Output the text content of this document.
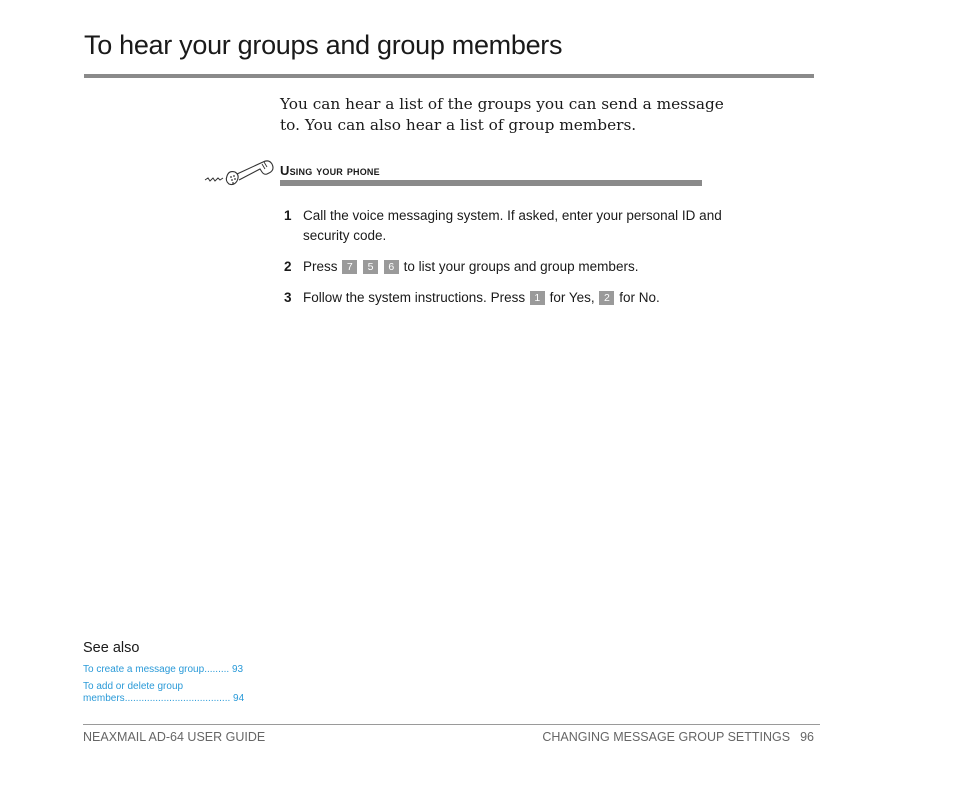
To hear your groups and group members

You can hear a list of the groups you can send a message to. You can also hear a list of group members.

Using your phone
1 Call the voice messaging system. If asked, enter your personal ID and security code.
2 Press 7 5 6 to list your groups and group members.
3 Follow the system instructions. Press 1 for Yes, 2 for No.
See also
To create a message group......... 93
To add or delete group members...................................... 94
NEAXMAIL AD-64 USER GUIDE	CHANGING MESSAGE GROUP SETTINGS 96
